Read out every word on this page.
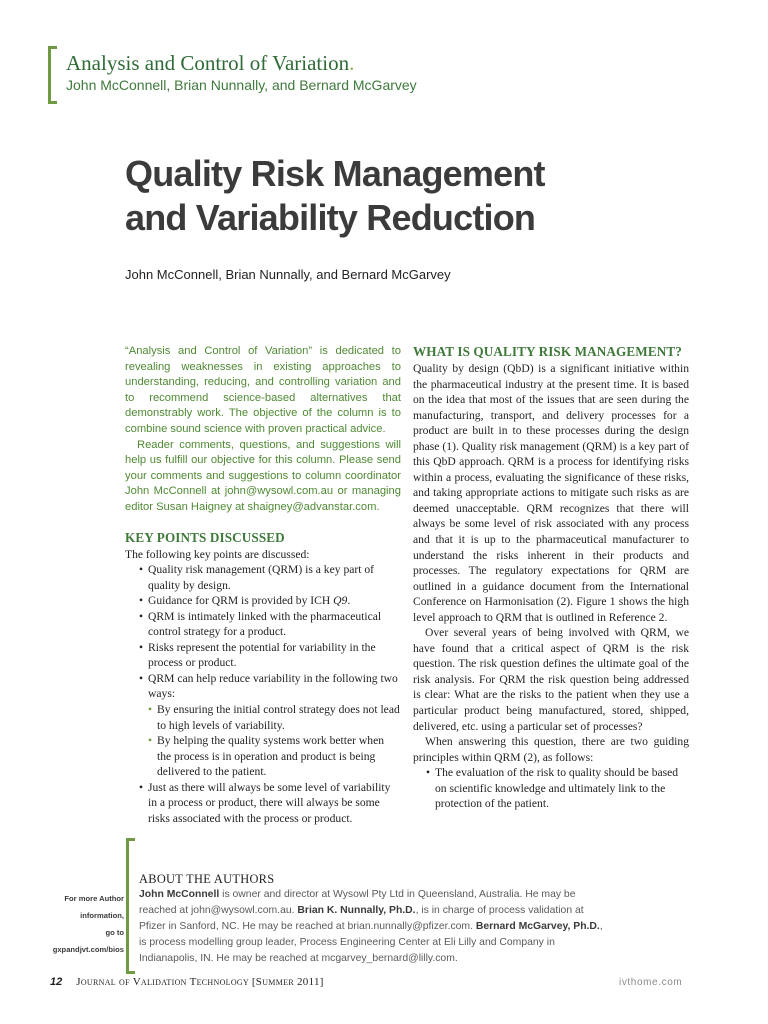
Analysis and Control of Variation.
John McConnell, Brian Nunnally, and Bernard McGarvey
Quality Risk Management
and Variability Reduction
John McConnell, Brian Nunnally, and Bernard McGarvey

“Analysis and Control of Variation” is dedicated to revealing weaknesses in existing approaches to understanding, reducing, and controlling variation and to recommend science-based alternatives that demonstrably work. The objective of the column is to combine sound science with proven practical advice.

Reader comments, questions, and suggestions will help us fulfill our objective for this column. Please send your comments and suggestions to column coordinator John McConnell at john@wysowl.com.au or managing editor Susan Haigney at shaigney@advanstar.com.

KEY POINTS DISCUSSED

The following key points are discussed:

• Quality risk management (QRM) is a key part of quality by design.
• Guidance for QRM is provided by ICH Q9.
• QRM is intimately linked with the pharmaceutical control strategy for a product.
• Risks represent the potential for variability in the process or product.
• QRM can help reduce variability in the following two ways:
• By ensuring the initial control strategy does not lead to high levels of variability.
• By helping the quality systems work better when the process is in operation and product is being delivered to the patient.
• Just as there will always be some level of variability in a process or product, there will always be some risks associated with the process or product.
WHAT IS QUALITY RISK MANAGEMENT?

Quality by design (QbD) is a significant initiative within the pharmaceutical industry at the present time. It is based on the idea that most of the issues that are seen during the manufacturing, transport, and delivery processes for a product are built in to these processes during the design phase (1). Quality risk management (QRM) is a key part of this QbD approach. QRM is a process for identifying risks within a process, evaluating the significance of these risks, and taking appropriate actions to mitigate such risks as are deemed unacceptable. QRM recognizes that there will always be some level of risk associated with any process and that it is up to the pharmaceutical manufacturer to understand the risks inherent in their products and processes. The regulatory expectations for QRM are outlined in a guidance document from the International Conference on Harmonisation (2). Figure 1 shows the high level approach to QRM that is outlined in Reference 2.

Over several years of being involved with QRM, we have found that a critical aspect of QRM is the risk question. The risk question defines the ultimate goal of the risk analysis. For QRM the risk question being addressed is clear: What are the risks to the patient when they use a particular product being manufactured, stored, shipped, delivered, etc. using a particular set of processes?

When answering this question, there are two guiding principles within QRM (2), as follows:

• The evaluation of the risk to quality should be based on scientific knowledge and ultimately link to the protection of the patient.
ABOUT THE AUTHORS
John McConnell is owner and director at Wysowl Pty Ltd in Queensland, Australia. He may be reached at john@wysowl.com.au. Brian K. Nunnally, Ph.D., is in charge of process validation at Pfizer in Sanford, NC. He may be reached at brian.nunnally@pfizer.com. Bernard McGarvey, Ph.D., is process modelling group leader, Process Engineering Center at Eli Lilly and Company in Indianapolis, IN. He may be reached at mcgarvey_bernard@lilly.com.
For more Author
information,
go to
gxpandjvt.com/bios
12 Journal of Validation Technology [Summer 2011]	ivthome.com
